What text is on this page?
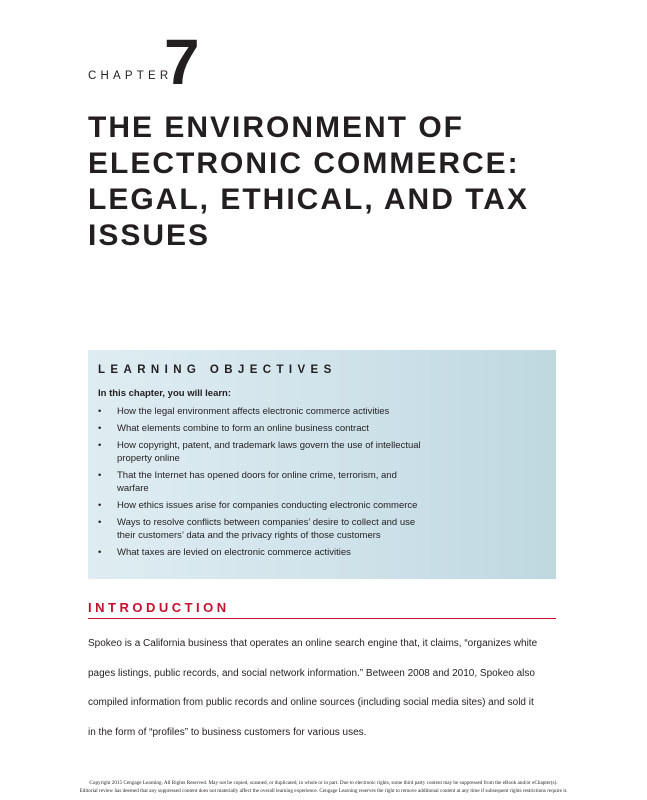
CHAPTER
7
THE ENVIRONMENT OF
ELECTRONIC COMMERCE:
LEGAL, ETHICAL, AND TAX
ISSUES
LEARNING OBJECTIVES
In this chapter, you will learn:
• How the legal environment affects electronic commerce activities
• What elements combine to form an online business contract
• How copyright, patent, and trademark laws govern the use of intellectual
property online
• That the Internet has opened doors for online crime, terrorism, and
warfare
• How ethics issues arise for companies conducting electronic commerce
• Ways to resolve conflicts between companies’ desire to collect and use
their customers’ data and the privacy rights of those customers
• What taxes are levied on electronic commerce activities
INTRODUCTION
Spokeo is a California business that operates an online search engine that, it claims, “organizes white
pages listings, public records, and social network information.” Between 2008 and 2010, Spokeo also
compiled information from public records and online sources (including social media sites) and sold it
in the form of “profiles” to business customers for various uses.
Copyright 2015 Cengage Learning. All Rights Reserved. May not be copied, scanned, or duplicated, in whole or in part. Due to electronic rights, some third party content may be suppressed from the eBook and/or eChapter(s).
Editorial review has deemed that any suppressed content does not materially affect the overall learning experience. Cengage Learning reserves the right to remove additional content at any time if subsequent rights restrictions require it.
